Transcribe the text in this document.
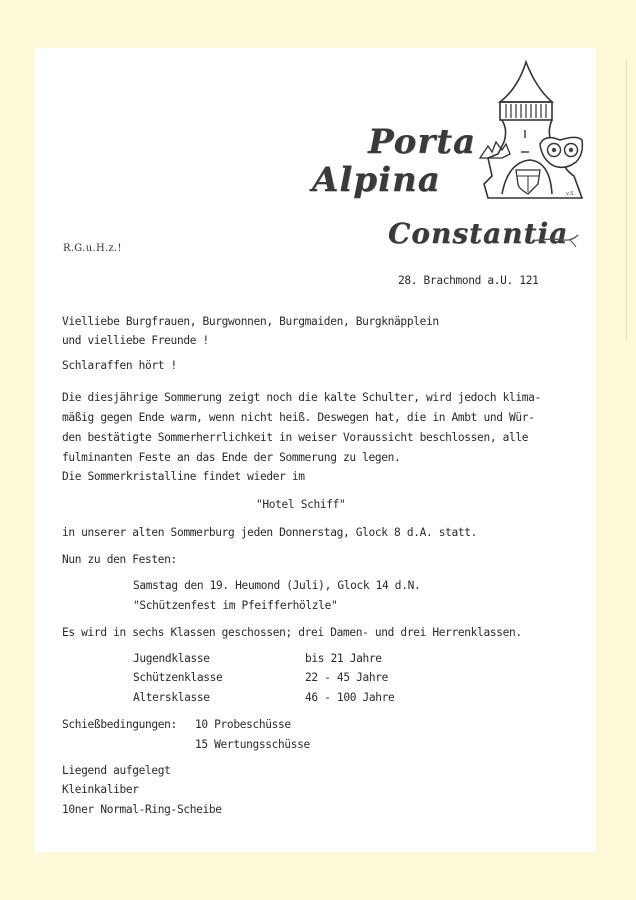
Porta
Alpina
Constantia
v.S.
R.G.u.H.z.!
28. Brachmond a.U. 121
Vielliebe Burgfrauen, Burgwonnen, Burgmaiden, Burgknäpplein
und vielliebe Freunde !
Schlaraffen hört !
Die diesjährige Sommerung zeigt noch die kalte Schulter, wird jedoch klima-
mäßig gegen Ende warm, wenn nicht heiß. Deswegen hat, die in Ambt und Wür-
den bestätigte Sommerherrlichkeit in weiser Voraussicht beschlossen, alle
fulminanten Feste an das Ende der Sommerung zu legen.
Die Sommerkristalline findet wieder im
"Hotel Schiff"
in unserer alten Sommerburg jeden Donnerstag, Glock 8 d.A. statt.
Nun zu den Festen:
Samstag den 19. Heumond (Juli), Glock 14 d.N.
"Schützenfest im Pfeifferhölzle"
Es wird in sechs Klassen geschossen; drei Damen- und drei Herrenklassen.
Jugendklasse	bis 21 Jahre
Schützenklasse	22 - 45 Jahre
Altersklasse	46 - 100 Jahre
Schießbedingungen: 10 Probeschüsse
15 Wertungsschüsse
Liegend aufgelegt
Kleinkaliber
10ner Normal-Ring-Scheibe
